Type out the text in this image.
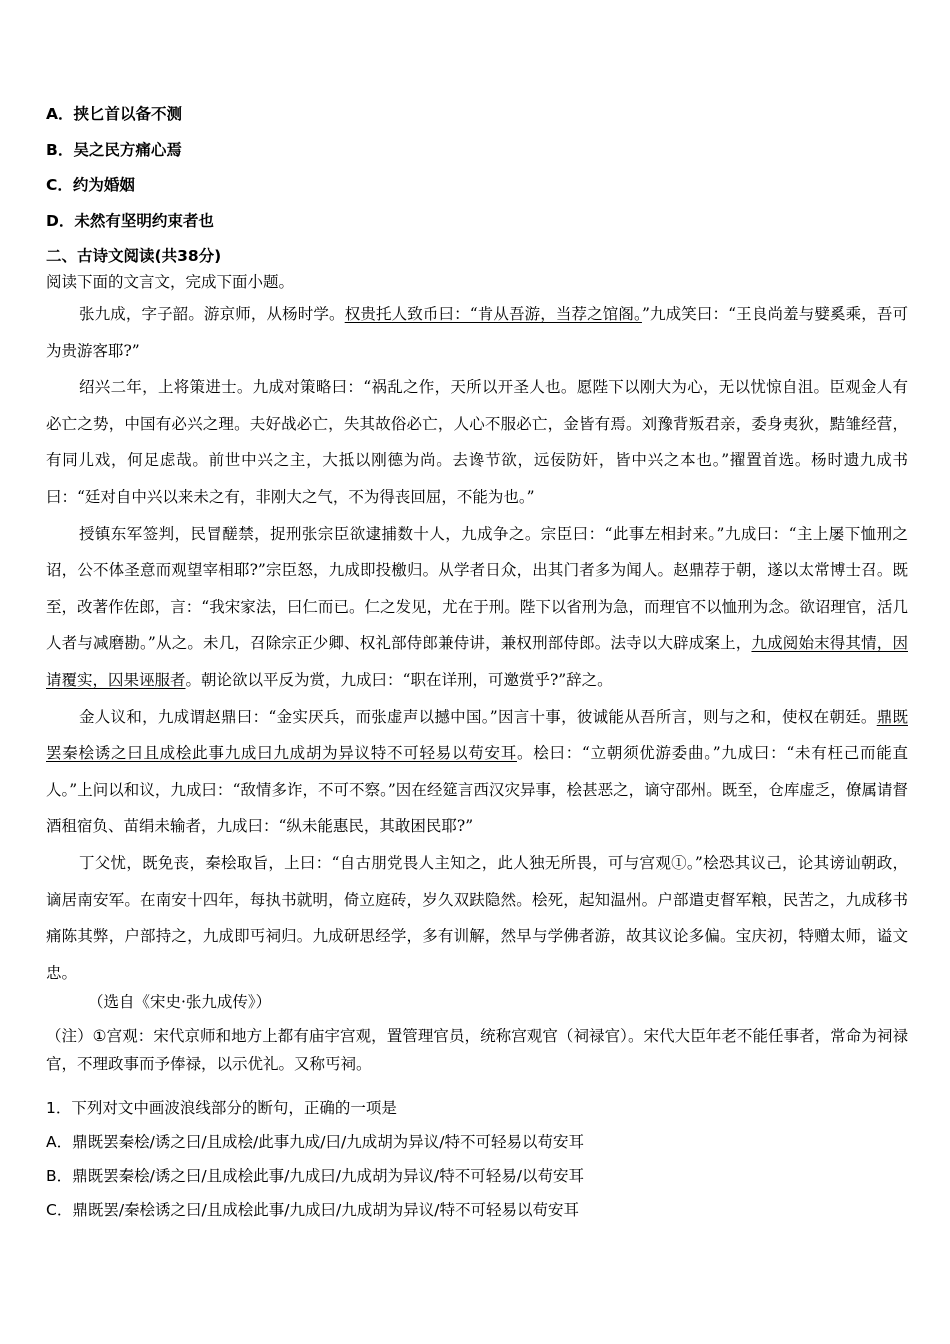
A．挟匕首以备不测
B．吴之民方痛心焉
C．约为婚姻
D．未然有坚明约束者也
二、古诗文阅读(共38分)
阅读下面的文言文，完成下面小题。

张九成，字子韶。游京师，从杨时学。权贵托人致币曰：“肯从吾游，当荐之馆阁。”九成笑曰：“王良尚羞与嬖奚乘，吾可为贵游客耶?”

绍兴二年，上将策进士。九成对策略曰：“祸乱之作，天所以开圣人也。愿陛下以刚大为心，无以忧惊自沮。臣观金人有必亡之势，中国有必兴之理。夫好战必亡，失其故俗必亡，人心不服必亡，金皆有焉。刘豫背叛君亲，委身夷狄，黠雏经营，有同儿戏，何足虑哉。前世中兴之主，大抵以刚德为尚。去谗节欲，远佞防奸，皆中兴之本也。”擢置首选。杨时遗九成书曰：“廷对自中兴以来未之有，非刚大之气，不为得丧回屈，不能为也。”

授镇东军签判，民冒醝禁，捉刑张宗臣欲逮捕数十人，九成争之。宗臣曰：“此事左相封来。”九成曰：“主上屡下恤刑之诏，公不体圣意而观望宰相耶?”宗臣怒，九成即投檄归。从学者日众，出其门者多为闻人。赵鼎荐于朝，遂以太常博士召。既至，改著作佐郎，言：“我宋家法，曰仁而已。仁之发见，尤在于刑。陛下以省刑为急，而理官不以恤刑为念。欲诏理官，活几人者与减磨勘。”从之。未几，召除宗正少卿、权礼部侍郎兼侍讲，兼权刑部侍郎。法寺以大辟成案上，九成阅始末得其情，因请覆实，囚果诬服者。朝论欲以平反为赏，九成曰：“职在详刑，可邀赏乎?”辞之。

金人议和，九成谓赵鼎曰：“金实厌兵，而张虚声以撼中国。”因言十事，彼诚能从吾所言，则与之和，使权在朝廷。鼎既罢秦桧诱之曰且成桧此事九成曰九成胡为异议特不可轻易以苟安耳。桧曰：“立朝须优游委曲。”九成曰：“未有枉己而能直人。”上问以和议，九成曰：“敌情多诈，不可不察。”因在经筵言西汉灾异事，桧甚恶之，谪守邵州。既至，仓库虚乏，僚属请督酒租宿负、苗绢未输者，九成曰：“纵未能惠民，其敢困民耶?”

丁父忧，既免丧，秦桧取旨，上曰：“自古朋党畏人主知之，此人独无所畏，可与宫观①。”桧恐其议己，论其谤讪朝政，谪居南安军。在南安十四年，每执书就明，倚立庭砖，岁久双趺隐然。桧死，起知温州。户部遣吏督军粮，民苦之，九成移书痛陈其弊，户部持之，九成即丐祠归。九成研思经学，多有训解，然早与学佛者游，故其议论多偏。宝庆初，特赠太师，谥文忠。

（选自《宋史·张九成传》）
（注）①宫观：宋代京师和地方上都有庙宇宫观，置管理官员，统称宫观官（祠禄官）。宋代大臣年老不能任事者，常命为祠禄官，不理政事而予俸禄，以示优礼。又称丐祠。
1．下列对文中画波浪线部分的断句，正确的一项是
A．鼎既罢秦桧/诱之曰/且成桧/此事九成/曰/九成胡为异议/特不可轻易以苟安耳
B．鼎既罢秦桧/诱之曰/且成桧此事/九成曰/九成胡为异议/特不可轻易/以苟安耳
C．鼎既罢/秦桧诱之曰/且成桧此事/九成曰/九成胡为异议/特不可轻易以苟安耳
